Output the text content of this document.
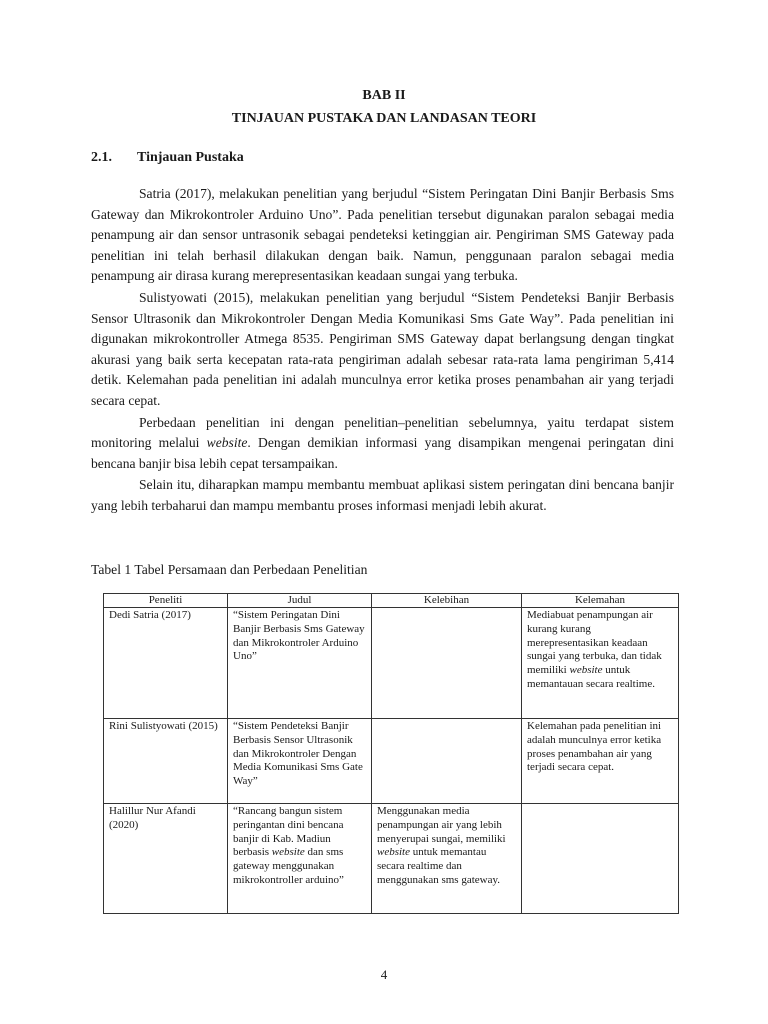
BAB II
TINJAUAN PUSTAKA DAN LANDASAN TEORI
2.1. Tinjauan Pustaka

Satria (2017), melakukan penelitian yang berjudul “Sistem Peringatan Dini Banjir Berbasis Sms Gateway dan Mikrokontroler Arduino Uno”. Pada penelitian tersebut digunakan paralon sebagai media penampung air dan sensor untrasonik sebagai pendeteksi ketinggian air. Pengiriman SMS Gateway pada penelitian ini telah berhasil dilakukan dengan baik. Namun, penggunaan paralon sebagai media penampung air dirasa kurang merepresentasikan keadaan sungai yang terbuka.

Sulistyowati (2015), melakukan penelitian yang berjudul “Sistem Pendeteksi Banjir Berbasis Sensor Ultrasonik dan Mikrokontroler Dengan Media Komunikasi Sms Gate Way”. Pada penelitian ini digunakan mikrokontroller Atmega 8535. Pengiriman SMS Gateway dapat berlangsung dengan tingkat akurasi yang baik serta kecepatan rata-rata pengiriman adalah sebesar rata-rata lama pengiriman 5,414 detik. Kelemahan pada penelitian ini adalah munculnya error ketika proses penambahan air yang terjadi secara cepat.

Perbedaan penelitian ini dengan penelitian–penelitian sebelumnya, yaitu terdapat sistem monitoring melalui website. Dengan demikian informasi yang disampikan mengenai peringatan dini bencana banjir bisa lebih cepat tersampaikan.

Selain itu, diharapkan mampu membantu membuat aplikasi sistem peringatan dini bencana banjir yang lebih terbaharui dan mampu membantu proses informasi menjadi lebih akurat.

Tabel 1 Tabel Persamaan dan Perbedaan Penelitian
Peneliti	Judul	Kelebihan	Kelemahan
Dedi Satria (2017)	“Sistem Peringatan Dini Banjir Berbasis Sms Gateway dan Mikrokontroler Arduino Uno”		Mediabuat penampungan air kurang kurang merepresentasikan keadaan sungai yang terbuka, dan tidak memiliki website untuk memantauan secara realtime.
Rini Sulistyowati (2015)	“Sistem Pendeteksi Banjir Berbasis Sensor Ultrasonik dan Mikrokontroler Dengan Media Komunikasi Sms Gate Way”		Kelemahan pada penelitian ini adalah munculnya error ketika proses penambahan air yang terjadi secara cepat.
Halillur Nur Afandi (2020)	“Rancang bangun sistem peringantan dini bencana banjir di Kab. Madiun berbasis website dan sms gateway menggunakan mikrokontroller arduino”	Menggunakan media penampungan air yang lebih menyerupai sungai, memiliki website untuk memantau secara realtime dan menggunakan sms gateway.	
4
